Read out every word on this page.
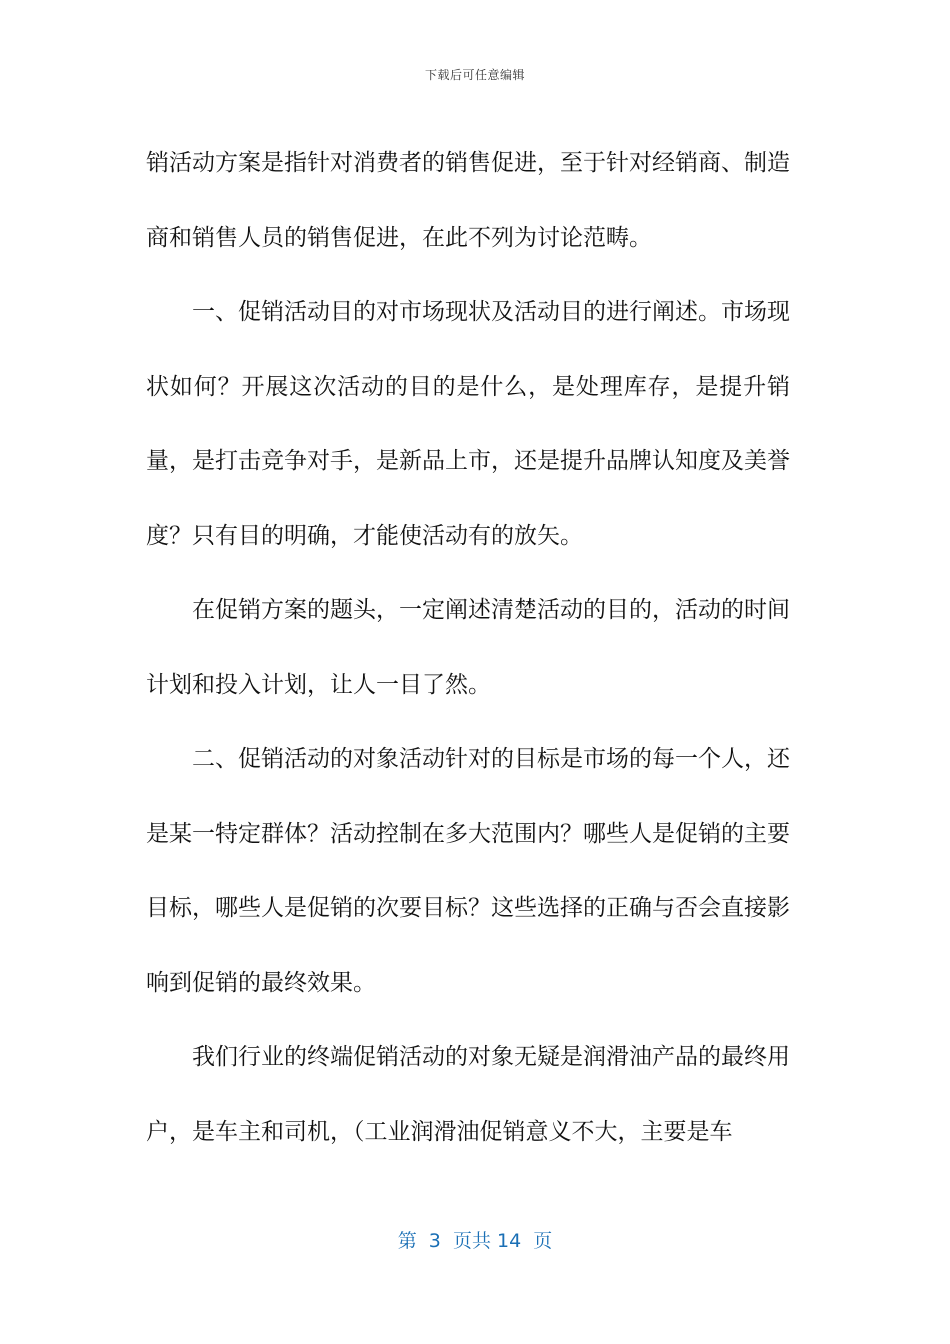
下载后可任意编辑

销活动方案是指针对消费者的销售促进，至于针对经销商、制造商和销售人员的销售促进，在此不列为讨论范畴。

一、促销活动目的对市场现状及活动目的进行阐述。市场现状如何？开展这次活动的目的是什么，是处理库存，是提升销量，是打击竞争对手，是新品上市，还是提升品牌认知度及美誉度？只有目的明确，才能使活动有的放矢。

在促销方案的题头，一定阐述清楚活动的目的，活动的时间计划和投入计划，让人一目了然。

二、促销活动的对象活动针对的目标是市场的每一个人，还是某一特定群体？活动控制在多大范围内？哪些人是促销的主要目标，哪些人是促销的次要目标？这些选择的正确与否会直接影响到促销的最终效果。

我们行业的终端促销活动的对象无疑是润滑油产品的最终用户，是车主和司机，（工业润滑油促销意义不大，主要是车

第  3  页共 14  页
